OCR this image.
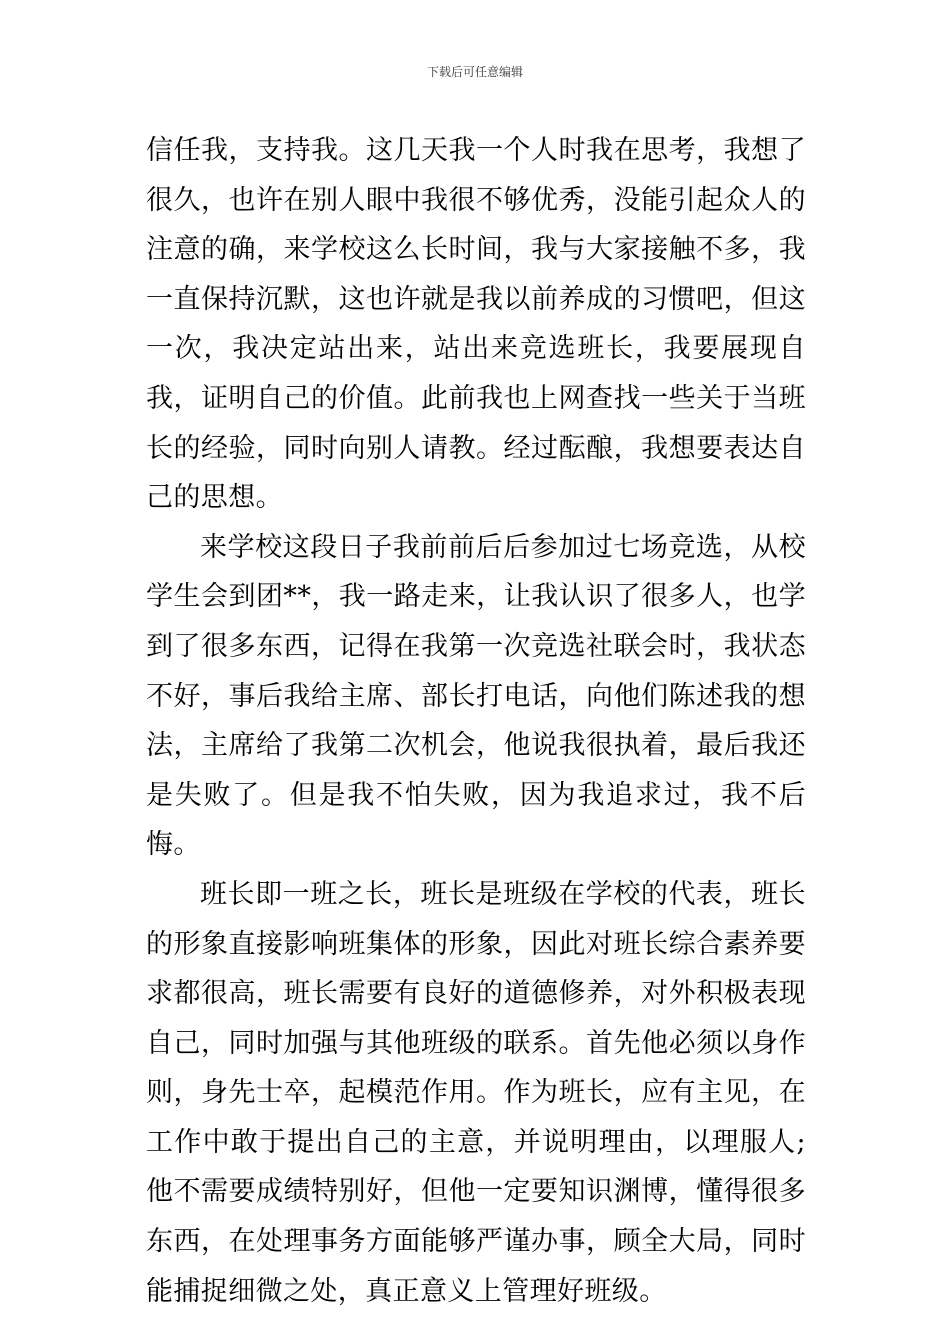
下载后可任意编辑

信任我，支持我。这几天我一个人时我在思考，我想了很久，也许在别人眼中我很不够优秀，没能引起众人的注意的确，来学校这么长时间，我与大家接触不多，我一直保持沉默，这也许就是我以前养成的习惯吧，但这一次，我决定站出来，站出来竞选班长，我要展现自我，证明自己的价值。此前我也上网查找一些关于当班长的经验，同时向别人请教。经过酝酿，我想要表达自己的思想。

来学校这段日子我前前后后参加过七场竞选，从校学生会到团**，我一路走来，让我认识了很多人，也学到了很多东西，记得在我第一次竞选社联会时，我状态不好，事后我给主席、部长打电话，向他们陈述我的想法，主席给了我第二次机会，他说我很执着，最后我还是失败了。但是我不怕失败，因为我追求过，我不后悔。

班长即一班之长，班长是班级在学校的代表，班长的形象直接影响班集体的形象，因此对班长综合素养要求都很高，班长需要有良好的道德修养，对外积极表现自己，同时加强与其他班级的联系。首先他必须以身作则，身先士卒，起模范作用。作为班长，应有主见，在工作中敢于提出自己的主意，并说明理由，以理服人;他不需要成绩特别好，但他一定要知识渊博，懂得很多东西，在处理事务方面能够严谨办事，顾全大局，同时能捕捉细微之处，真正意义上管理好班级。
